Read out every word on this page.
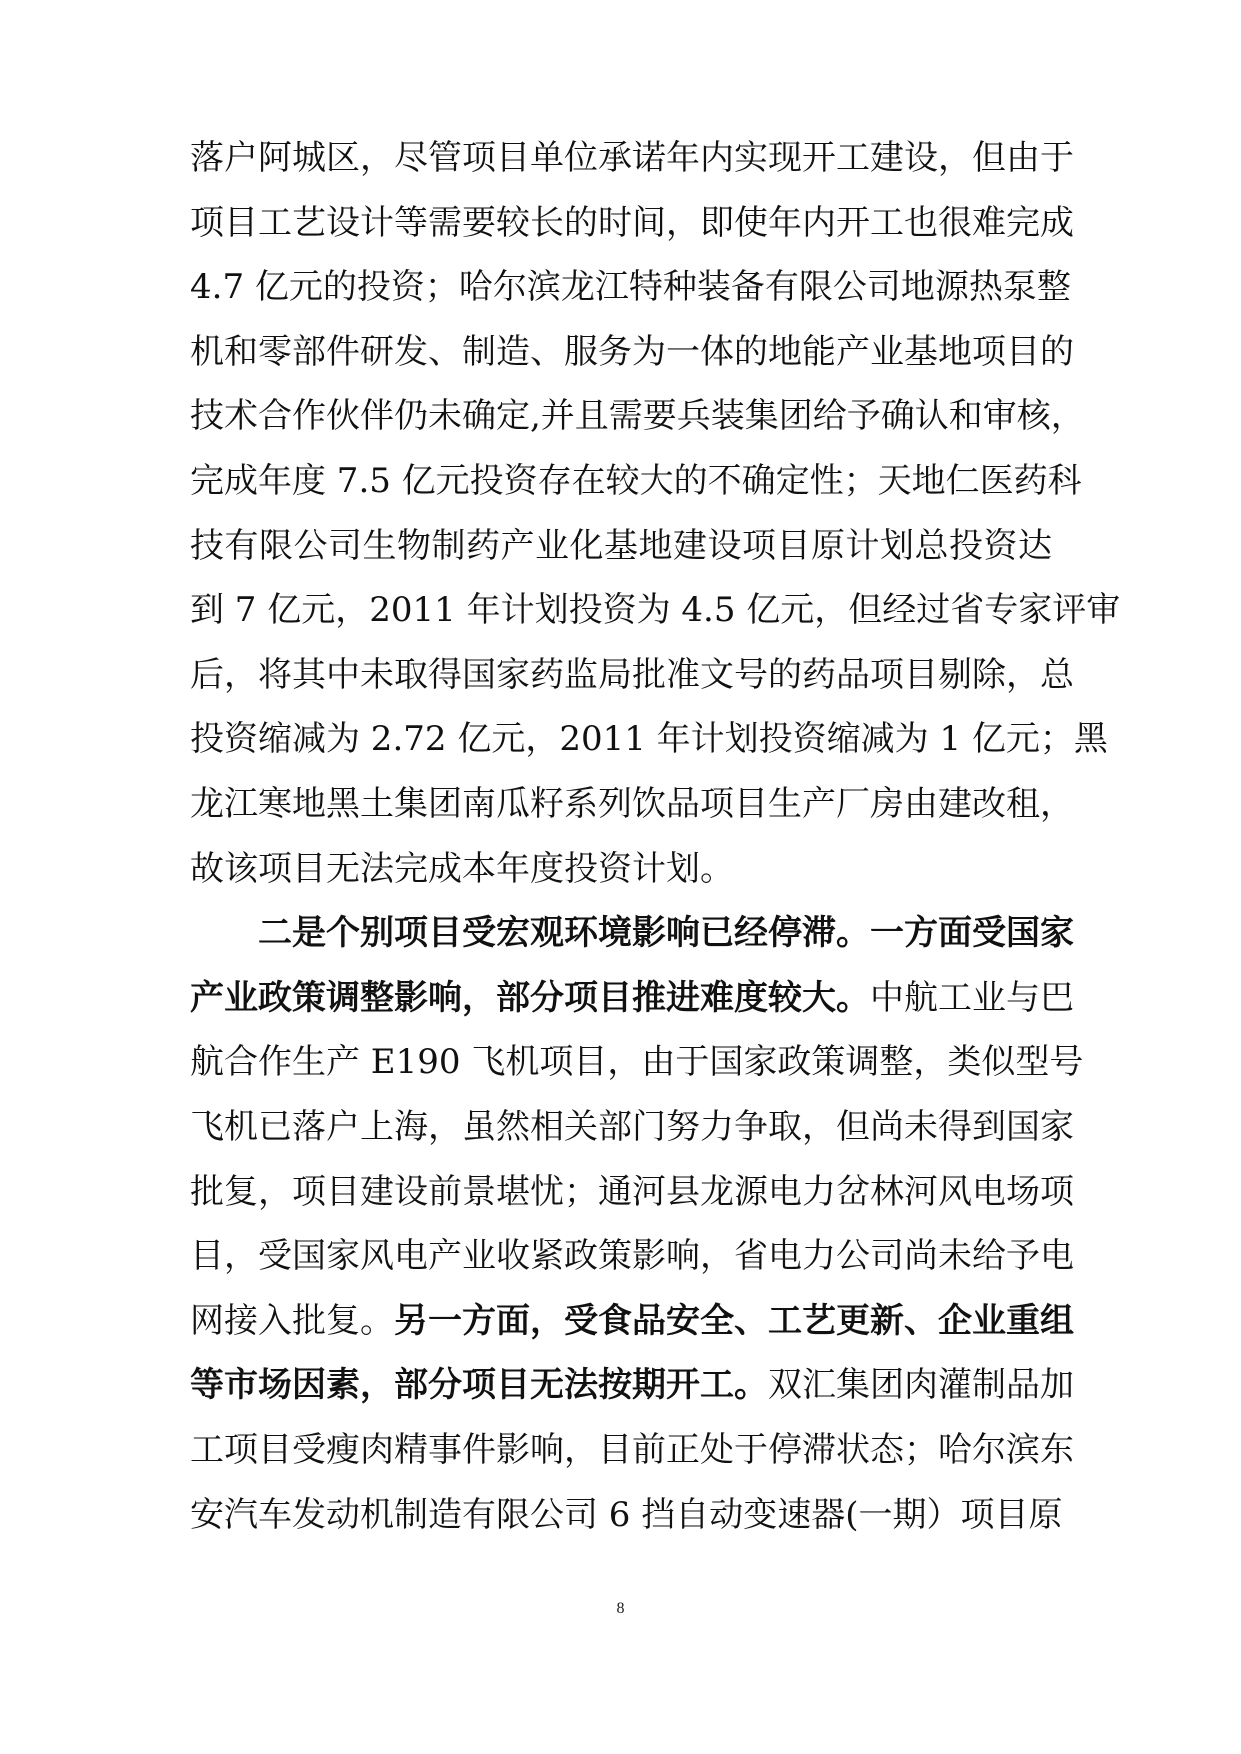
落户阿城区，尽管项目单位承诺年内实现开工建设，但由于
项目工艺设计等需要较长的时间，即使年内开工也很难完成
4.7 亿元的投资；哈尔滨龙江特种装备有限公司地源热泵整
机和零部件研发、制造、服务为一体的地能产业基地项目的
技术合作伙伴仍未确定,并且需要兵装集团给予确认和审核，
完成年度 7.5 亿元投资存在较大的不确定性；天地仁医药科
技有限公司生物制药产业化基地建设项目原计划总投资达
到 7 亿元，2011 年计划投资为 4.5 亿元，但经过省专家评审
后，将其中未取得国家药监局批准文号的药品项目剔除，总
投资缩减为 2.72 亿元，2011 年计划投资缩减为 1 亿元；黑
龙江寒地黑土集团南瓜籽系列饮品项目生产厂房由建改租，
故该项目无法完成本年度投资计划。
二是个别项目受宏观环境影响已经停滞。一方面受国家
产业政策调整影响，部分项目推进难度较大。中航工业与巴
航合作生产 E190 飞机项目，由于国家政策调整，类似型号
飞机已落户上海，虽然相关部门努力争取，但尚未得到国家
批复，项目建设前景堪忧；通河县龙源电力岔林河风电场项
目，受国家风电产业收紧政策影响，省电力公司尚未给予电
网接入批复。另一方面，受食品安全、工艺更新、企业重组
等市场因素，部分项目无法按期开工。双汇集团肉灌制品加
工项目受瘦肉精事件影响，目前正处于停滞状态；哈尔滨东
安汽车发动机制造有限公司 6 挡自动变速器(一期）项目原
8
